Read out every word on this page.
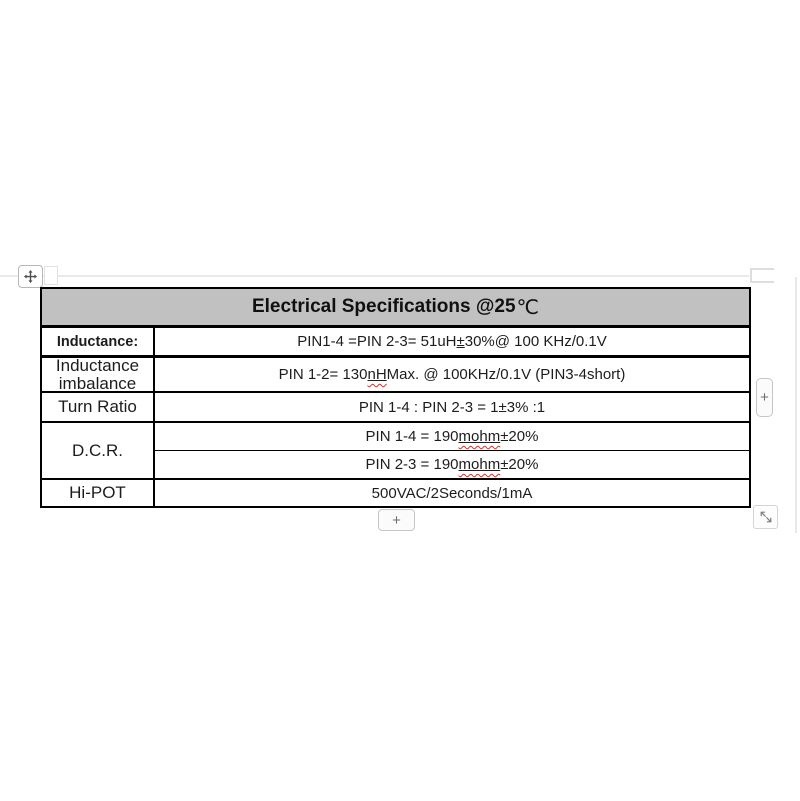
Electrical Specifications @25 ℃
Inductance:	PIN1-4 =PIN 2-3= 51uH ± 30%@ 100 KHz/0.1V
Inductance
imbalance	PIN 1-2= 130 nH Max. @ 100KHz/0.1V (PIN3-4short)
Turn Ratio	PIN 1-4 : PIN 2-3 = 1±3% :1
D.C.R.
PIN 1-4 = 190 mohm ±20%
PIN 2-3 = 190 mohm ±20%
Hi-POT	500VAC/2Seconds/1mA
+
+
